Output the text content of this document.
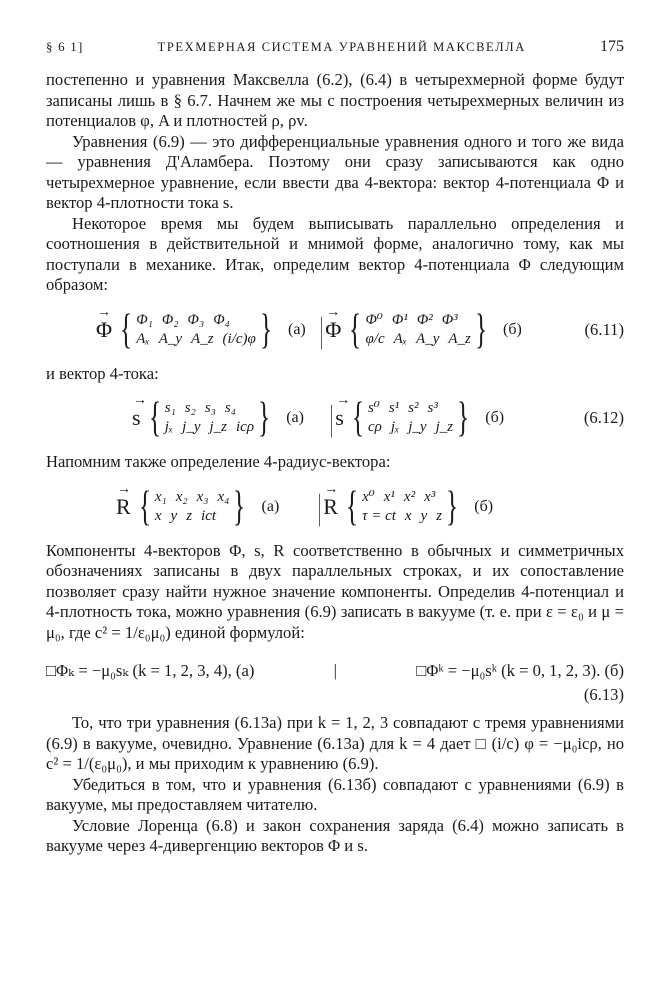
§ 6 1]	ТРЕХМЕРНАЯ СИСТЕМА УРАВНЕНИЙ МАКСВЕЛЛА	175

постепенно и уравнения Максвелла (6.2), (6.4) в четырехмерной форме будут записаны лишь в § 6.7. Начнем же мы с построения четырехмерных величин из потенциалов φ, A и плотностей ρ, ρv.

Уравнения (6.9) — это дифференциальные уравнения одного и того же вида — уравнения Д'Аламбера. Поэтому они сразу записываются как одно четырехмерное уравнение, если ввести два 4-вектора: вектор 4-потенциала Φ и вектор 4-плотности тока s.

Некоторое время мы будем выписывать параллельно определения и соотношения в действительной и мнимой форме, аналогично тому, как мы поступали в механике. Итак, определим вектор 4-потенциала Φ следующим образом:

→ Φ { Φ₁ Φ₂ Φ₃ Φ₄
Aₓ A_y A_z (i/c)φ } (а) | → Φ { Φ⁰ Φ¹ Φ² Φ³
φ/c Aₓ A_y A_z } (б)	(6.11)

и вектор 4-тока:

→ s { s₁ s₂ s₃ s₄
jₓ j_y j_z icρ } (а) | → s { s⁰ s¹ s² s³
cρ jₓ j_y j_z } (б)	(6.12)

Напомним также определение 4-радиус-вектора:

→ R { x₁ x₂ x₃ x₄
x y z ict } (а) | → R { x⁰ x¹ x² x³
τ = ct x y z } (б)

Компоненты 4-векторов Φ, s, R соответственно в обычных и симметричных обозначениях записаны в двух параллельных строках, и их сопоставление позволяет сразу найти нужное значение компоненты. Определив 4-потенциал и 4-плотность тока, можно уравнения (6.9) записать в вакууме (т. е. при ε = ε₀ и μ = μ₀, где c² = 1/ε₀μ₀) единой формулой:

□Φₖ = −μ₀sₖ (k = 1, 2, 3, 4), (а)	|	□Φᵏ = −μ₀sᵏ (k = 0, 1, 2, 3). (б)
(6.13)

То, что три уравнения (6.13а) при k = 1, 2, 3 совпадают с тремя уравнениями (6.9) в вакууме, очевидно. Уравнение (6.13а) для k = 4 дает □ (i/c) φ = −μ₀icρ, но c² = 1/(ε₀μ₀), и мы приходим к уравнению (6.9).

Убедиться в том, что и уравнения (6.13б) совпадают с уравнениями (6.9) в вакууме, мы предоставляем читателю.

Условие Лоренца (6.8) и закон сохранения заряда (6.4) можно записать в вакууме через 4-дивергенцию векторов Φ и s.
